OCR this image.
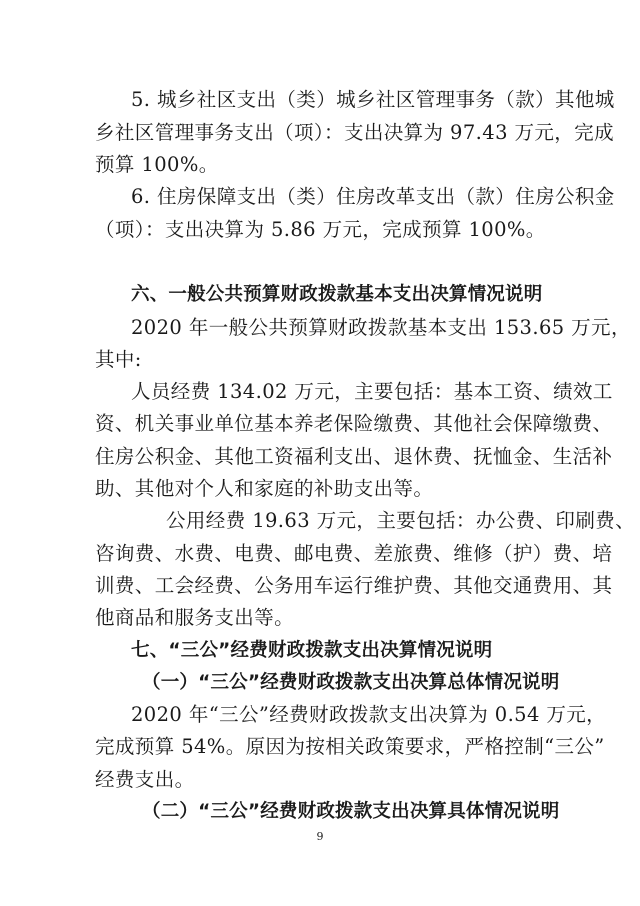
5. 城乡社区支出（类）城乡社区管理事务（款）其他城
乡社区管理事务支出（项）：支出决算为 97.43 万元，完成
预算 100%。
6. 住房保障支出（类）住房改革支出（款）住房公积金
（项）：支出决算为 5.86 万元，完成预算 100%。
六、一般公共预算财政拨款基本支出决算情况说明
2020 年一般公共预算财政拨款基本支出 153.65 万元，
其中:
人员经费 134.02 万元，主要包括：基本工资、绩效工
资、机关事业单位基本养老保险缴费、其他社会保障缴费、
住房公积金、其他工资福利支出、退休费、抚恤金、生活补
助、其他对个人和家庭的补助支出等。
公用经费 19.63 万元，主要包括：办公费、印刷费、
咨询费、水费、电费、邮电费、差旅费、维修（护）费、培
训费、工会经费、公务用车运行维护费、其他交通费用、其
他商品和服务支出等。
七、“三公”经费财政拨款支出决算情况说明
（一）“三公”经费财政拨款支出决算总体情况说明
2020 年“三公”经费财政拨款支出决算为 0.54 万元，
完成预算 54%。原因为按相关政策要求，严格控制“三公”
经费支出。
（二）“三公”经费财政拨款支出决算具体情况说明
9
